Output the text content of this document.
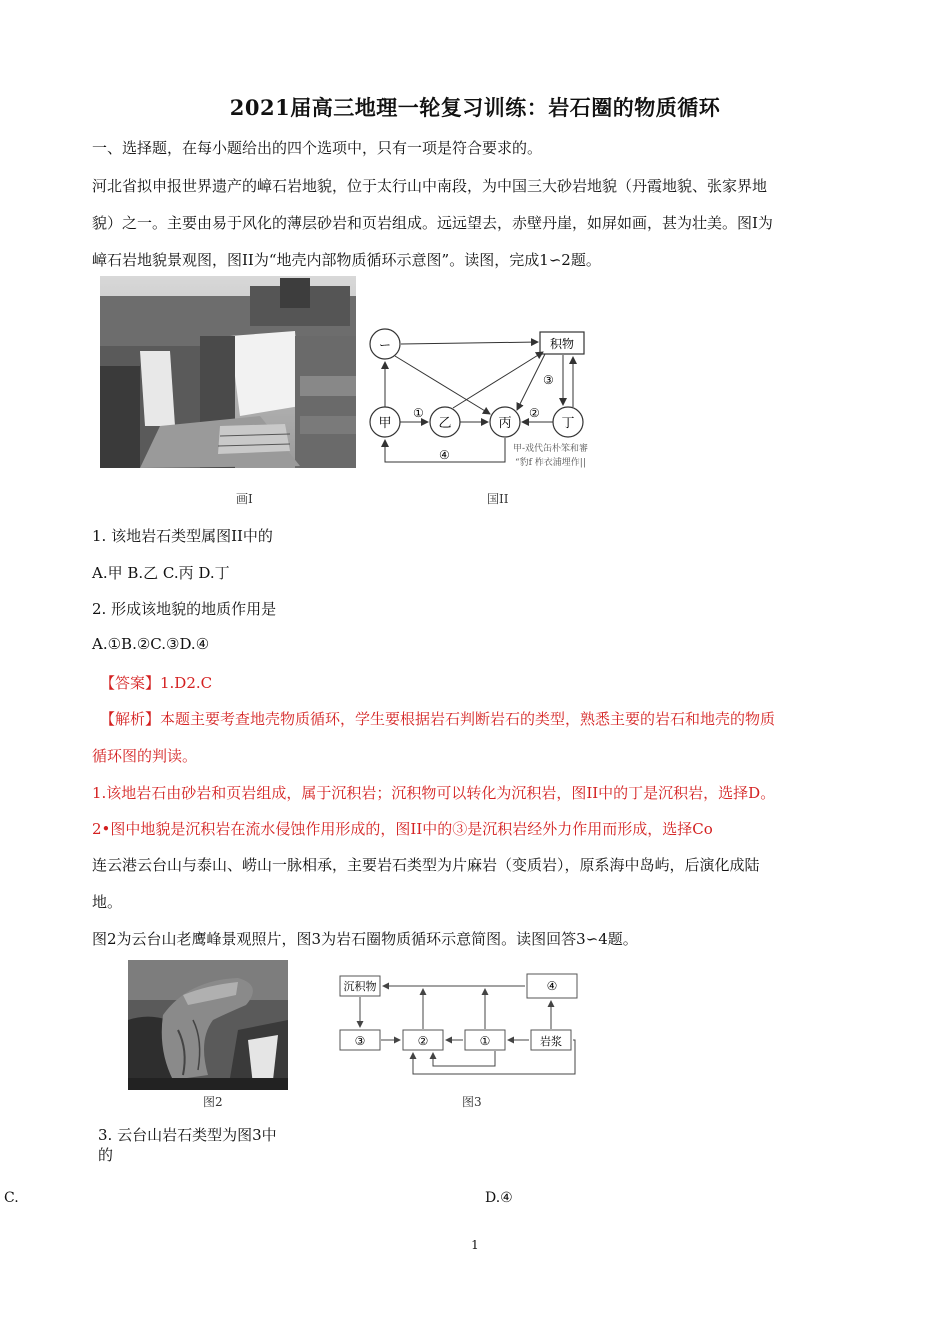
2021届高三地理一轮复习训练：岩石圈的物质循环
一、选择题，在每小题给出的四个选项中，只有一项是符合要求的。
河北省拟申报世界遗产的嶂石岩地貌，位于太行山中南段，为中国三大砂岩地貌（丹霞地貌、张家界地
貌）之一。主要由易于风化的薄层砂岩和页岩组成。远远望去，赤壁丹崖，如屏如画，甚为壮美。图I为
嶂石岩地貌景观图，图II为“地壳内部物质循环示意图”。读图，完成1∽2题。
画I
ー	积物
甲	乙	丙	丁
①	②
③
④	甲-戏代缶朴笨和審
“豹f 柞衣浦埋作||
国II
1. 该地岩石类型属图II中的
A.甲 B.乙 C.丙 D.丁
2. 形成该地貌的地质作用是
A.①B.②C.③D.④
【答案】1.D2.C
【解析】本题主要考查地壳物质循环，学生要根据岩石判断岩石的类型，熟悉主要的岩石和地壳的物质
循环图的判读。
1.该地岩石由砂岩和页岩组成，属于沉积岩；沉积物可以转化为沉积岩，图II中的丁是沉积岩，选择D。
2•图中地貌是沉积岩在流水侵蚀作用形成的，图II中的③是沉积岩经外力作用而形成，选择Co
连云港云台山与泰山、崂山一脉相承，主要岩石类型为片麻岩（变质岩），原系海中岛屿，后演化成陆
地。
图2为云台山老鹰峰景观照片，图3为岩石圈物质循环示意简图。读图回答3∽4题。
图2
沉积物	④
③	②	①	岩浆
图3
3. 云台山岩石类型为图3中
的
C.	D.④
1
